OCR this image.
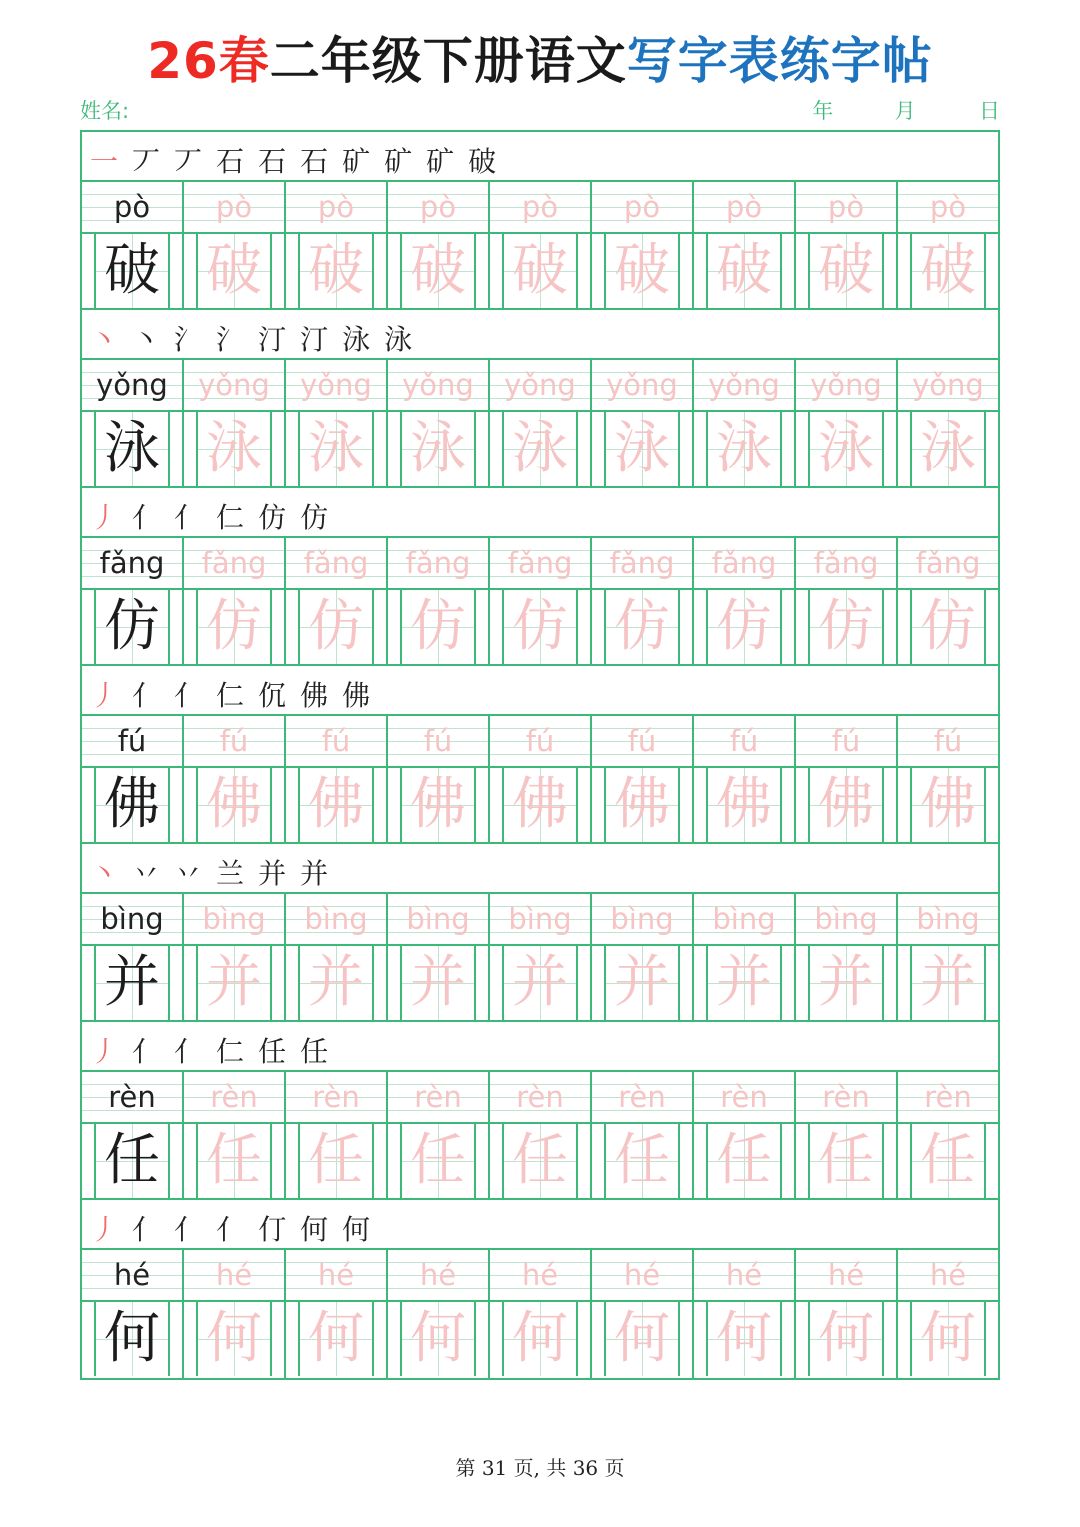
26春二年级下册语文写字表练字帖
姓名:	年	月	日
一 丆 丆 石 石 石 矿 矿 矿 破
pò	pò	pò	pò	pò	pò	pò	pò	pò
破 破 破 破 破 破 破 破 破
丶 丶 氵 氵 汀 汀 泳 泳
yǒng	yǒng	yǒng	yǒng	yǒng	yǒng	yǒng	yǒng	yǒng
泳 泳 泳 泳 泳 泳 泳 泳 泳
丿 亻 亻 仁 仿 仿
fǎng	fǎng	fǎng	fǎng	fǎng	fǎng	fǎng	fǎng	fǎng
仿 仿 仿 仿 仿 仿 仿 仿 仿
丿 亻 亻 仁 伔 佛 佛
fú	fú	fú	fú	fú	fú	fú	fú	fú
佛 佛 佛 佛 佛 佛 佛 佛 佛
丶 丷 丷 兰 并 并
bìng	bìng	bìng	bìng	bìng	bìng	bìng	bìng	bìng
并 并 并 并 并 并 并 并 并
丿 亻 亻 仁 任 任
rèn	rèn	rèn	rèn	rèn	rèn	rèn	rèn	rèn
任 任 任 任 任 任 任 任 任
丿 亻 亻 亻 仃 何 何
hé	hé	hé	hé	hé	hé	hé	hé	hé
何 何 何 何 何 何 何 何 何
第 31 页, 共 36 页
